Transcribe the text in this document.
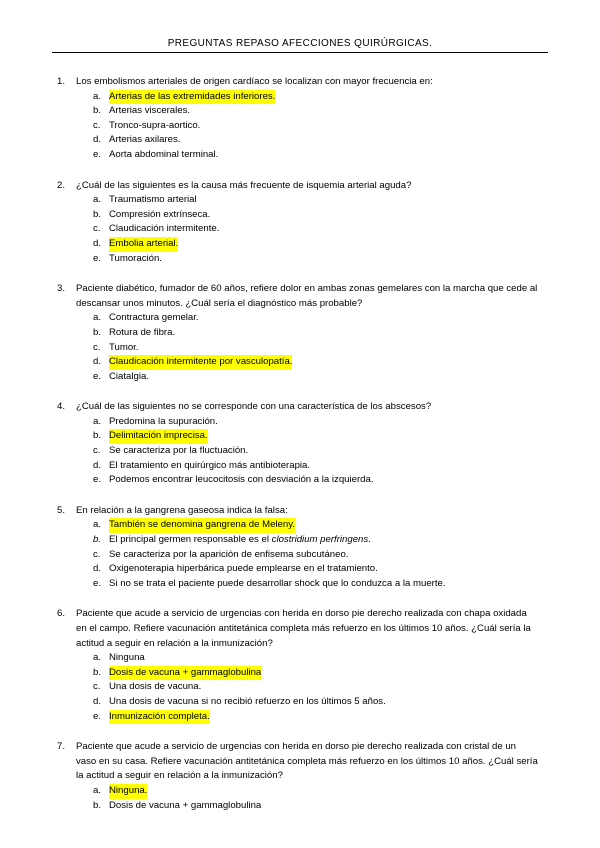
PREGUNTAS REPASO AFECCIONES QUIRÚRGICAS.
1. Los embolismos arteriales de origen cardíaco se localizan con mayor frecuencia en:
a. Arterias de las extremidades inferiores.
b. Arterias viscerales.
c. Tronco-supra-aortico.
d. Arterias axilares.
e. Aorta abdominal terminal.
2. ¿Cuál de las siguientes es la causa más frecuente de isquemia arterial aguda?
a. Traumatismo arterial
b. Compresión extrínseca.
c. Claudicación intermitente.
d. Embolia arterial.
e. Tumoración.
3. Paciente diabético, fumador de 60 años, refiere dolor en ambas zonas gemelares con la marcha que cede al descansar unos minutos. ¿Cuál sería el diagnóstico más probable?
a. Contractura gemelar.
b. Rotura de fibra.
c. Tumor.
d. Claudicación intermitente por vasculopatía.
e. Ciatalgia.
4. ¿Cuál de las siguientes no se corresponde con una característica de los abscesos?
a. Predomina la supuración.
b. Delimitación imprecisa.
c. Se caracteriza por la fluctuación.
d. El tratamiento en quirúrgico más antibioterapia.
e. Podemos encontrar leucocitosis con desviación a la izquierda.
5. En relación a la gangrena gaseosa indica la falsa:
a. También se denomina gangrena de Meleny.
b. El principal germen responsable es el clostridium perfringens.
c. Se caracteriza por la aparición de enfisema subcutáneo.
d. Oxigenoterapia hiperbárica puede emplearse en el tratamiento.
e. Si no se trata el paciente puede desarrollar shock que lo conduzca a la muerte.
6. Paciente que acude a servicio de urgencias con herida en dorso pie derecho realizada con chapa oxidada en el campo. Refiere vacunación antitetánica completa más refuerzo en los últimos 10 años. ¿Cuál sería la actitud a seguir en relación a la inmunización?
a. Ninguna
b. Dosis de vacuna + gammaglobulina
c. Una dosis de vacuna.
d. Una dosis de vacuna si no recibió refuerzo en los últimos 5 años.
e. Inmunización completa.
7. Paciente que acude a servicio de urgencias con herida en dorso pie derecho realizada con cristal de un vaso en su casa. Refiere vacunación antitetánica completa más refuerzo en los últimos 10 años. ¿Cuál sería la actitud a seguir en relación a la inmunización?
a. Ninguna.
b. Dosis de vacuna + gammaglobulina
